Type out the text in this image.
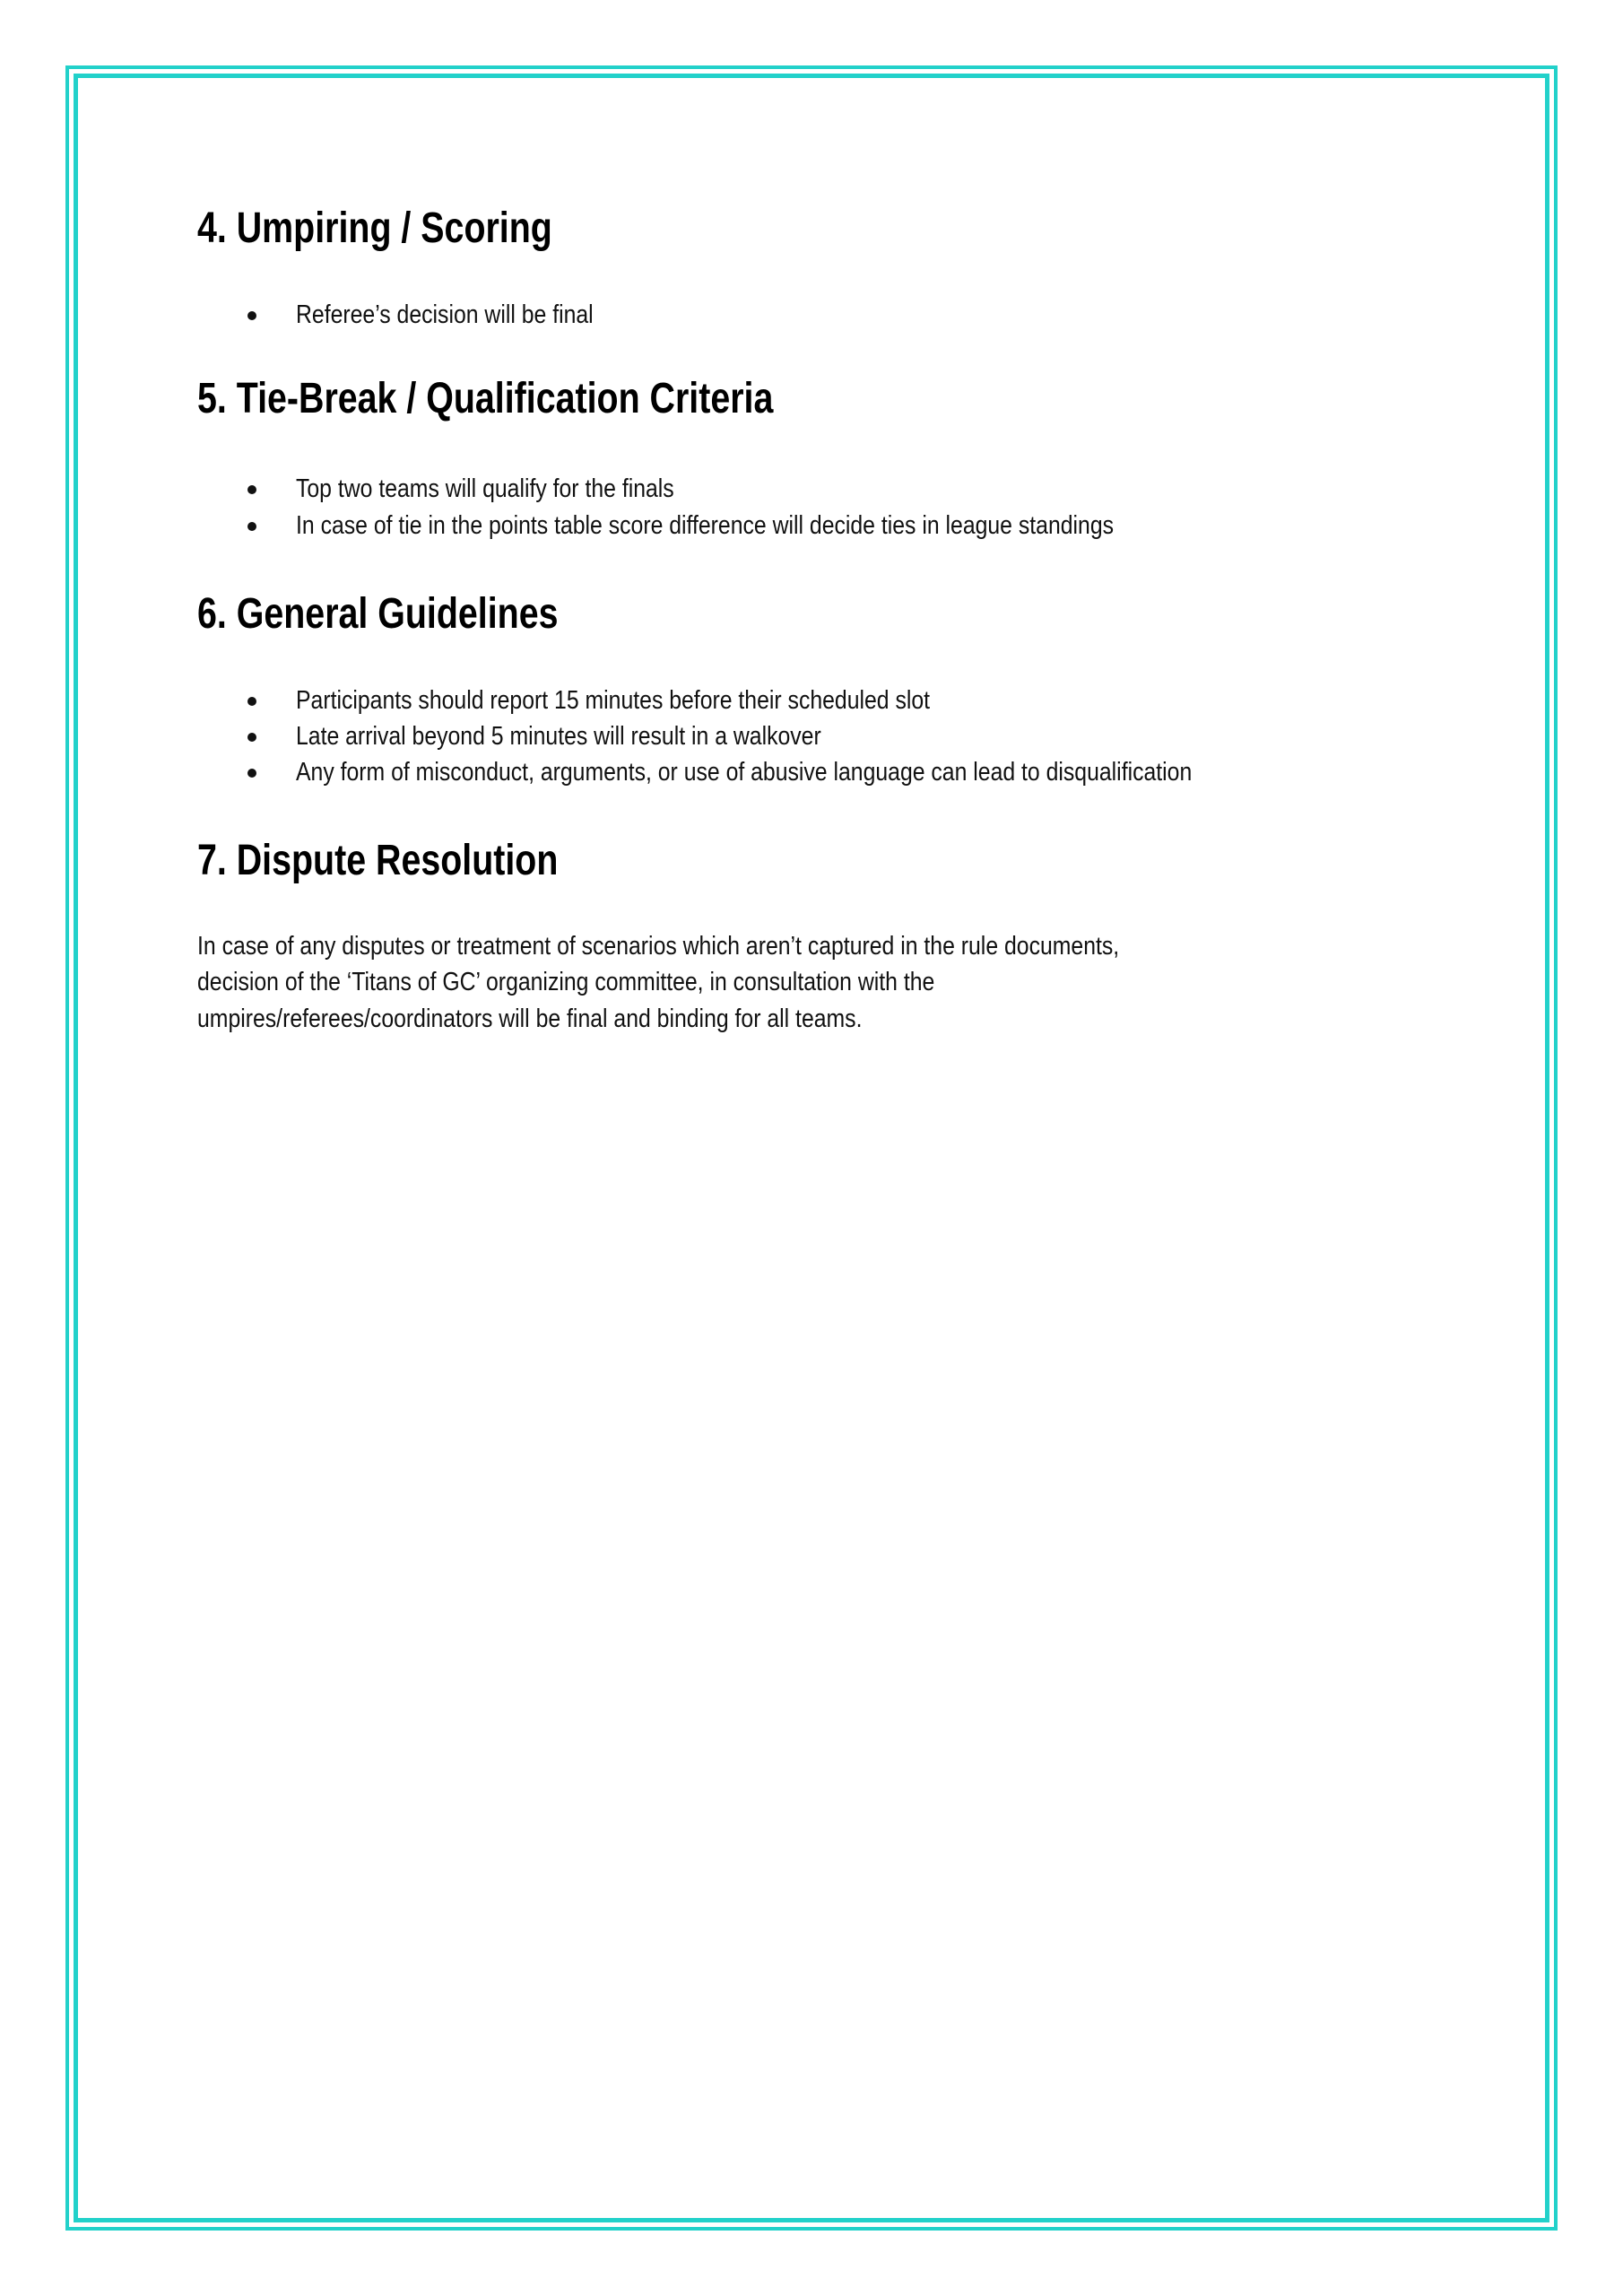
4. Umpiring / Scoring
Referee’s decision will be final
5. Tie-Break / Qualification Criteria
Top two teams will qualify for the finals
In case of tie in the points table score difference will decide ties in league standings
6. General Guidelines
Participants should report 15 minutes before their scheduled slot
Late arrival beyond 5 minutes will result in a walkover
Any form of misconduct, arguments, or use of abusive language can lead to disqualification
7. Dispute Resolution
In case of any disputes or treatment of scenarios which aren’t captured in the rule documents,
decision of the ‘Titans of GC’ organizing committee, in consultation with the
umpires/referees/coordinators will be final and binding for all teams.
